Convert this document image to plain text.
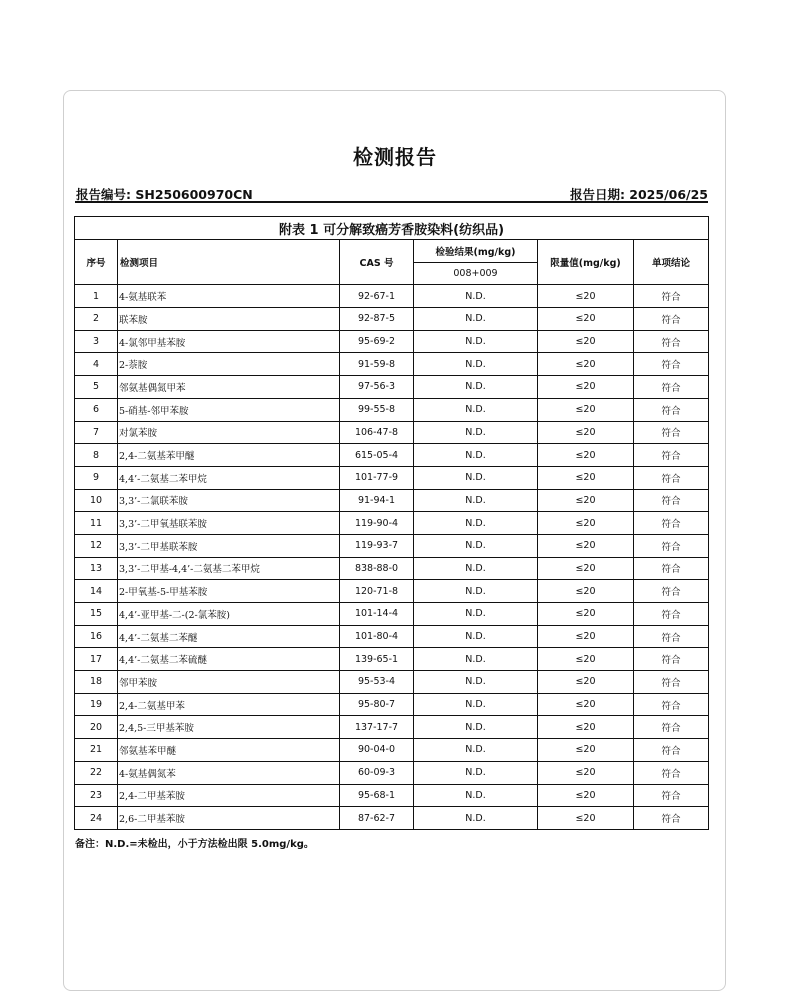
检测报告
报告编号: SH250600970CN	报告日期: 2025/06/25
附表 1 可分解致癌芳香胺染料(纺织品)					
序号	检测项目	CAS 号	检验结果(mg/kg)	限量值(mg/kg)	单项结论
			008+009		
1	4-氨基联苯	92-67-1	N.D.	≤20	符合
2	联苯胺	92-87-5	N.D.	≤20	符合
3	4-氯邻甲基苯胺	95-69-2	N.D.	≤20	符合
4	2-萘胺	91-59-8	N.D.	≤20	符合
5	邻氨基偶氮甲苯	97-56-3	N.D.	≤20	符合
6	5-硝基-邻甲苯胺	99-55-8	N.D.	≤20	符合
7	对氯苯胺	106-47-8	N.D.	≤20	符合
8	2,4-二氨基苯甲醚	615-05-4	N.D.	≤20	符合
9	4,4’-二氨基二苯甲烷	101-77-9	N.D.	≤20	符合
10	3,3’-二氯联苯胺	91-94-1	N.D.	≤20	符合
11	3,3’-二甲氧基联苯胺	119-90-4	N.D.	≤20	符合
12	3,3’-二甲基联苯胺	119-93-7	N.D.	≤20	符合
13	3,3’-二甲基-4,4’-二氨基二苯甲烷	838-88-0	N.D.	≤20	符合
14	2-甲氧基-5-甲基苯胺	120-71-8	N.D.	≤20	符合
15	4,4’-亚甲基-二-(2-氯苯胺)	101-14-4	N.D.	≤20	符合
16	4,4’-二氨基二苯醚	101-80-4	N.D.	≤20	符合
17	4,4’-二氨基二苯硫醚	139-65-1	N.D.	≤20	符合
18	邻甲苯胺	95-53-4	N.D.	≤20	符合
19	2,4-二氨基甲苯	95-80-7	N.D.	≤20	符合
20	2,4,5-三甲基苯胺	137-17-7	N.D.	≤20	符合
21	邻氨基苯甲醚	90-04-0	N.D.	≤20	符合
22	4-氨基偶氮苯	60-09-3	N.D.	≤20	符合
23	2,4-二甲基苯胺	95-68-1	N.D.	≤20	符合
24	2,6-二甲基苯胺	87-62-7	N.D.	≤20	符合
备注：N.D.=未检出，小于方法检出限 5.0mg/kg。
